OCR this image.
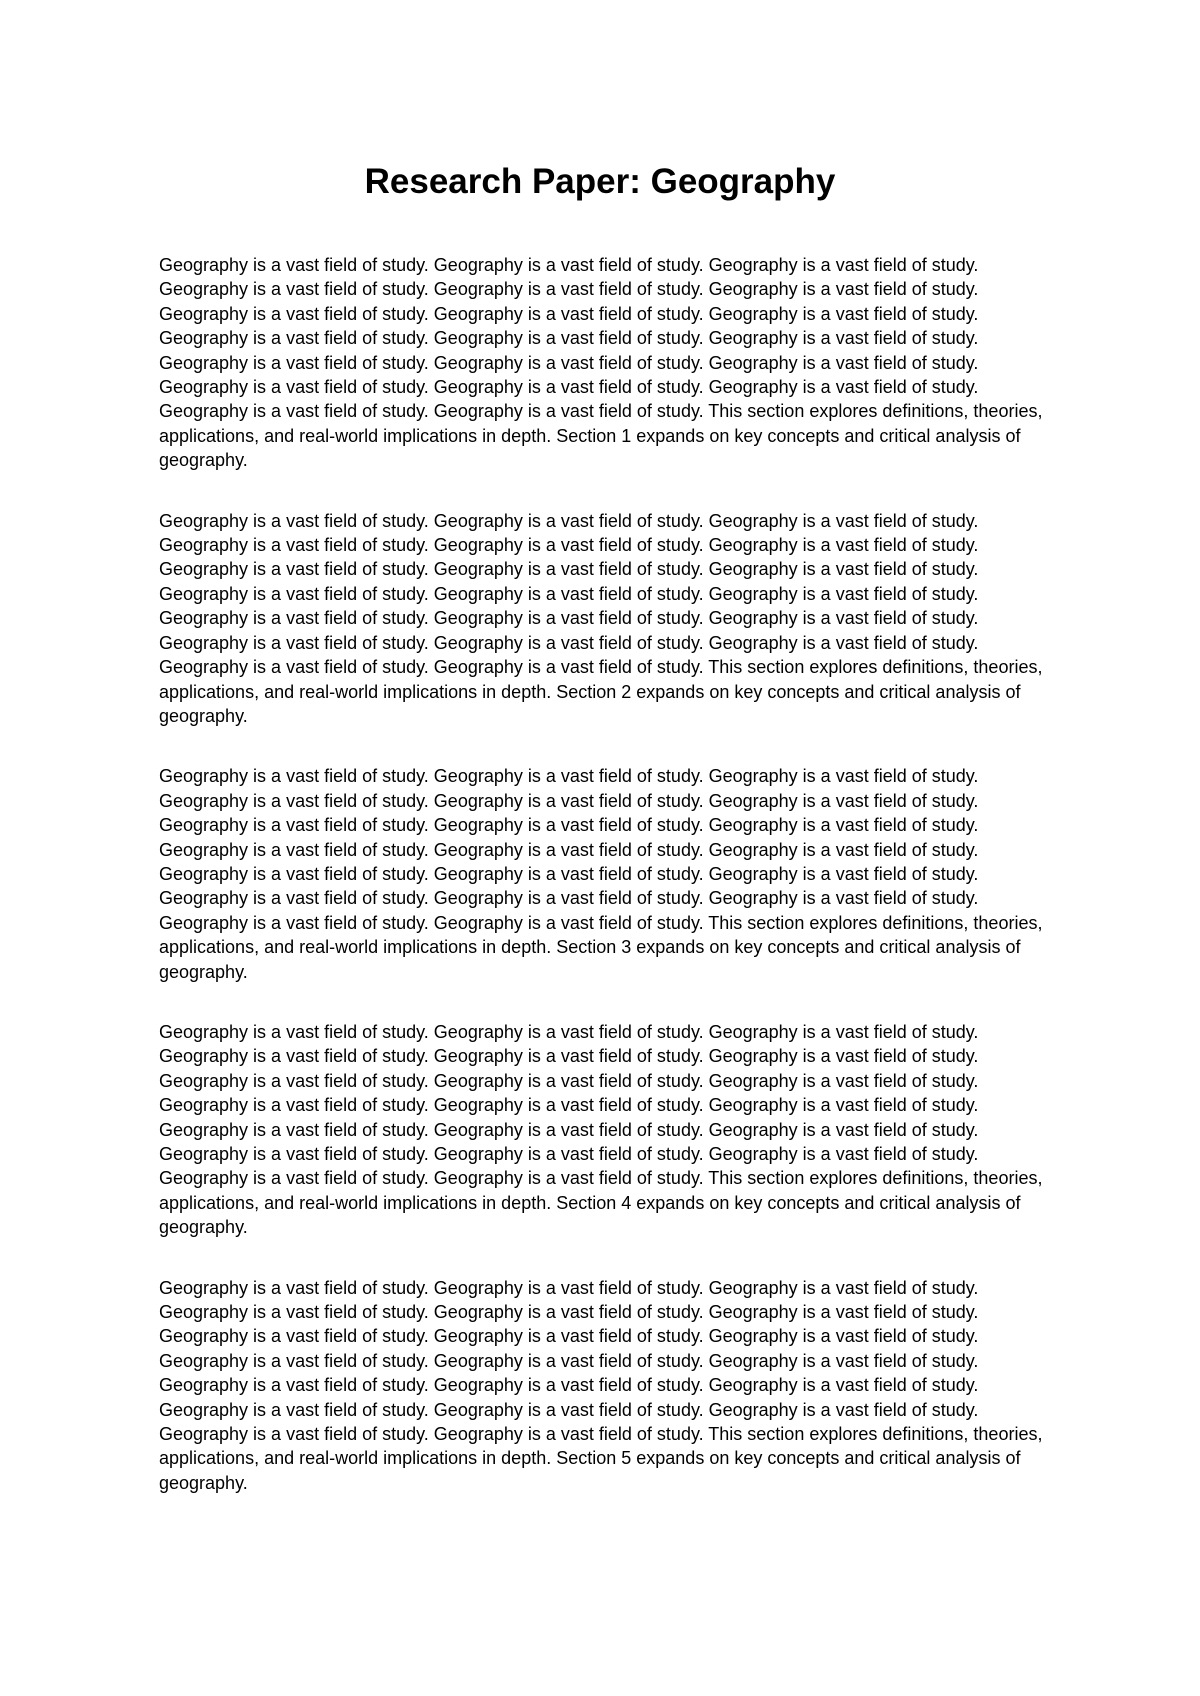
Research Paper: Geography

Geography is a vast field of study. Geography is a vast field of study. Geography is a vast field of study. Geography is a vast field of study. Geography is a vast field of study. Geography is a vast field of study. Geography is a vast field of study. Geography is a vast field of study. Geography is a vast field of study. Geography is a vast field of study. Geography is a vast field of study. Geography is a vast field of study. Geography is a vast field of study. Geography is a vast field of study. Geography is a vast field of study. Geography is a vast field of study. Geography is a vast field of study. Geography is a vast field of study. Geography is a vast field of study. Geography is a vast field of study. This section explores definitions, theories, applications, and real-world implications in depth. Section 1 expands on key concepts and critical analysis of geography.

Geography is a vast field of study. Geography is a vast field of study. Geography is a vast field of study. Geography is a vast field of study. Geography is a vast field of study. Geography is a vast field of study. Geography is a vast field of study. Geography is a vast field of study. Geography is a vast field of study. Geography is a vast field of study. Geography is a vast field of study. Geography is a vast field of study. Geography is a vast field of study. Geography is a vast field of study. Geography is a vast field of study. Geography is a vast field of study. Geography is a vast field of study. Geography is a vast field of study. Geography is a vast field of study. Geography is a vast field of study. This section explores definitions, theories, applications, and real-world implications in depth. Section 2 expands on key concepts and critical analysis of geography.

Geography is a vast field of study. Geography is a vast field of study. Geography is a vast field of study. Geography is a vast field of study. Geography is a vast field of study. Geography is a vast field of study. Geography is a vast field of study. Geography is a vast field of study. Geography is a vast field of study. Geography is a vast field of study. Geography is a vast field of study. Geography is a vast field of study. Geography is a vast field of study. Geography is a vast field of study. Geography is a vast field of study. Geography is a vast field of study. Geography is a vast field of study. Geography is a vast field of study. Geography is a vast field of study. Geography is a vast field of study. This section explores definitions, theories, applications, and real-world implications in depth. Section 3 expands on key concepts and critical analysis of geography.

Geography is a vast field of study. Geography is a vast field of study. Geography is a vast field of study. Geography is a vast field of study. Geography is a vast field of study. Geography is a vast field of study. Geography is a vast field of study. Geography is a vast field of study. Geography is a vast field of study. Geography is a vast field of study. Geography is a vast field of study. Geography is a vast field of study. Geography is a vast field of study. Geography is a vast field of study. Geography is a vast field of study. Geography is a vast field of study. Geography is a vast field of study. Geography is a vast field of study. Geography is a vast field of study. Geography is a vast field of study. This section explores definitions, theories, applications, and real-world implications in depth. Section 4 expands on key concepts and critical analysis of geography.

Geography is a vast field of study. Geography is a vast field of study. Geography is a vast field of study. Geography is a vast field of study. Geography is a vast field of study. Geography is a vast field of study. Geography is a vast field of study. Geography is a vast field of study. Geography is a vast field of study. Geography is a vast field of study. Geography is a vast field of study. Geography is a vast field of study. Geography is a vast field of study. Geography is a vast field of study. Geography is a vast field of study. Geography is a vast field of study. Geography is a vast field of study. Geography is a vast field of study. Geography is a vast field of study. Geography is a vast field of study. This section explores definitions, theories, applications, and real-world implications in depth. Section 5 expands on key concepts and critical analysis of geography.
